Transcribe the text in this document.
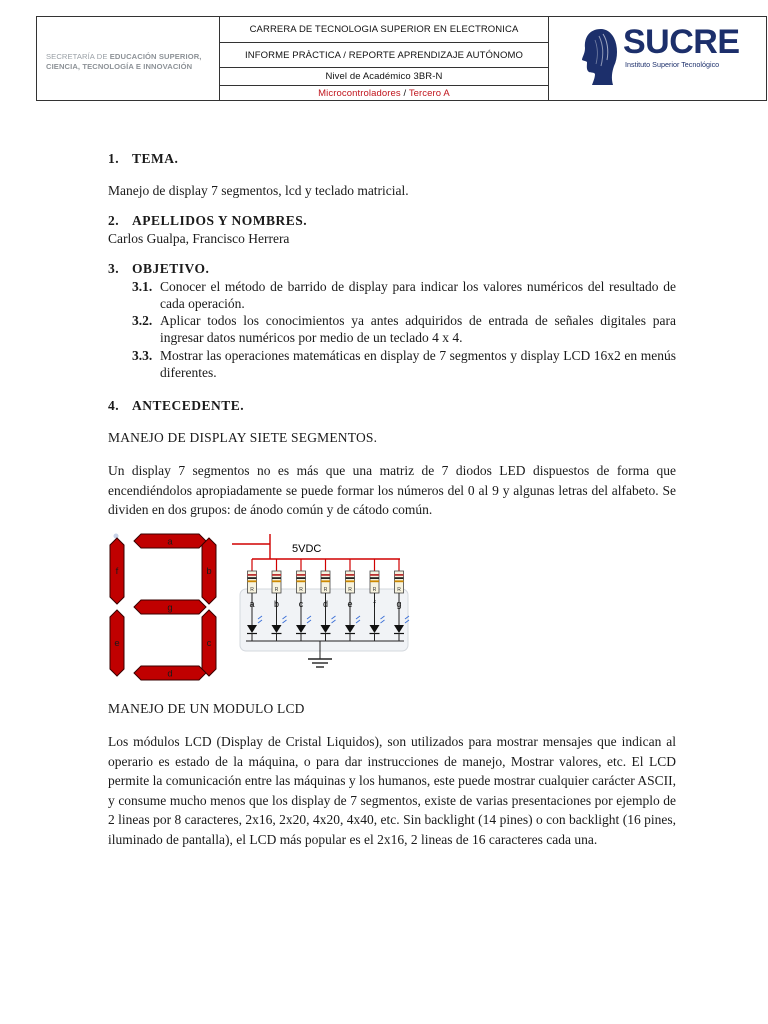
SECRETARÍA DE EDUCACIÓN SUPERIOR,
CIENCIA, TECNOLOGÍA E INNOVACIÓN
CARRERA DE TECNOLOGIA SUPERIOR EN ELECTRONICA
INFORME PRÀCTICA / REPORTE APRENDIZAJE AUTÓNOMO
Nivel de Académico 3BR-N
Microcontroladores / Tercero A
SUCRE
Instituto Superior Tecnológico
1. TEMA.
Manejo de display 7 segmentos, lcd y teclado matricial.
2. APELLIDOS Y NOMBRES.
Carlos Gualpa, Francisco Herrera
3. OBJETIVO.
3.1. Conocer el método de barrido de display para indicar los valores numéricos del resultado de cada operación.
3.2. Aplicar todos los conocimientos ya antes adquiridos de entrada de señales digitales para ingresar datos numéricos por medio de un teclado 4 x 4.
3.3. Mostrar las operaciones matemáticas en display de 7 segmentos y display LCD 16x2 en menús diferentes.
4. ANTECEDENTE.
MANEJO DE DISPLAY SIETE SEGMENTOS.
Un display 7 segmentos no es más que una matriz de 7 diodos LED dispuestos de forma que encendiéndolos apropiadamente se puede formar los números del 0 al 9 y algunas letras del alfabeto. Se dividen en dos grupos: de ánodo común y de cátodo común.
MANEJO DE UN MODULO LCD
Los módulos LCD (Display de Cristal Liquidos), son utilizados para mostrar mensajes que indican al operario es estado de la máquina, o para dar instrucciones de manejo, Mostrar valores, etc. El LCD permite la comunicación entre las máquinas y los humanos, este puede mostrar cualquier carácter ASCII, y consume mucho menos que los display de 7 segmentos, existe de varias presentaciones por ejemplo de 2 lineas por 8 caracteres, 2x16, 2x20, 4x20, 4x40, etc. Sin backlight (14 pines) o con backlight (16 pines, iluminado de pantalla), el LCD más popular es el 2x16, 2 lineas de 16 caracteres cada una.
a
b
c
d
e
f
g
5VDC
R
a
R
b
R
c
R
d
R
e
R
f
R
g
